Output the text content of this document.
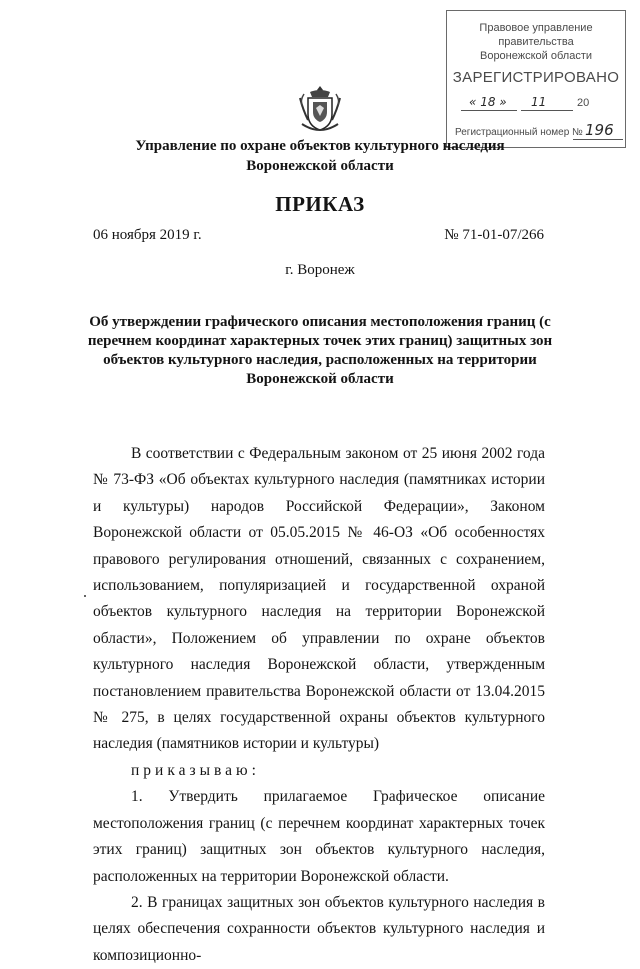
Правовое управление правительства
Воронежской области
ЗАРЕГИСТРИРОВАНО
« 18 » 11	20
Регистрационный номер № 196
Управление по охране объектов культурного наследия
Воронежской области
ПРИКАЗ
06 ноября 2019 г.	№ 71-01-07/266
г. Воронеж
Об утверждении графического описания местоположения границ (с перечнем координат характерных точек этих границ) защитных зон объектов культурного наследия, расположенных на территории Воронежской области

В соответствии с Федеральным законом от 25 июня 2002 года № 73-ФЗ «Об объектах культурного наследия (памятниках истории и культуры) народов Российской Федерации», Законом Воронежской области от 05.05.2015 № 46-ОЗ «Об особенностях правового регулирования отношений, связанных с сохранением, использованием, популяризацией и государственной охраной объектов культурного наследия на территории Воронежской области», Положением об управлении по охране объектов культурного наследия Воронежской области, утвержденным постановлением правительства Воронежской области от 13.04.2015 № 275, в целях государственной охраны объектов культурного наследия (памятников истории и культуры)

приказываю:

1. Утвердить прилагаемое Графическое описание местоположения границ (с перечнем координат характерных точек этих границ) защитных зон объектов культурного наследия, расположенных на территории Воронежской области.

2. В границах защитных зон объектов культурного наследия в целях обеспечения сохранности объектов культурного наследия и композиционно-
